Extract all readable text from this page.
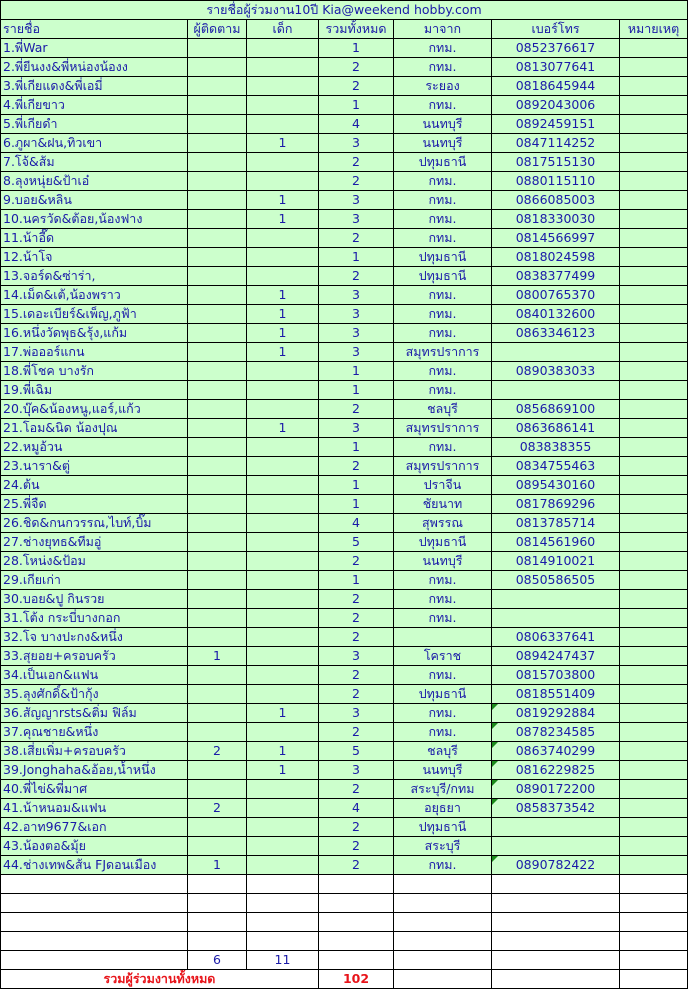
รายชื่อผู้ร่วมงาน10ปี Kia@weekend hobby.com						
รายชื่อ	ผู้ติดตาม	เด็ก	รวมทั้งหมด	มาจาก	เบอร์โทร	หมายเหตุ
1.พี่War			1	กทม.	0852376617	
2.พี่ยีนงง&พี่หน่องน้องง			2	กทม.	0813077641	
3.พี่เกียแดง&พี่เอมี่			2	ระยอง	0818645944	
4.พี่เกียขาว			1	กทม.	0892043006	
5.พี่เกียดำ			4	นนทบุรี	0892459151	
6.ภูผา&ฝน,ทิวเขา		1	3	นนทบุรี	0847114252	
7.โจ้&ส้ม			2	ปทุมธานี	0817515130	
8.ลุงหนุ่ย&ป้าเอ๋			2	กทม.	0880115110	
9.บอย&หลิน		1	3	กทม.	0866085003	
10.นครวัด&ต้อย,น้องฟาง		1	3	กทม.	0818330030	
11.น้าอี๊ด			2	กทม.	0814566997	
12.น้าโจ			1	ปทุมธานี	0818024598	
13.จอร์ด&ซ่าร่า,			2	ปทุมธานี	0838377499	
14.เม็ด&เต้,น้องพราว		1	3	กทม.	0800765370	
15.เดอะเบียร์&เพ็ญ,ภูฟ้า		1	3	กทม.	0840132600	
16.หนึ่งวัดพุธ&รุ้ง,แก้ม		1	3	กทม.	0863346123	
17.พ่อออร์แกน		1	3	สมุทรปราการ		
18.พี่โชค บางรัก			1	กทม.	0890383033	
19.พี่เฉิม			1	กทม.		
20.บุ๊ค&น้องหนู,แอร์,แก้ว			2	ชลบุรี	0856869100	
21.โอม&นิด น้องปุณ		1	3	สมุทรปราการ	0863686141	
22.หมูอ้วน			1	กทม.	083838355	
23.นารา&ตู่			2	สมุทรปราการ	0834755463	
24.ต้น			1	ปราจีน	0895430160	
25.พี่จืด			1	ชัยนาท	0817869296	
26.ชิด&กนกวรรณ,ไบท์,บิ๊ม			4	สุพรรณ	0813785714	
27.ช่างยุทธ&ทีมอู่			5	ปทุมธานี	0814561960	
28.โหน่ง&ป้อม			2	นนทบุรี	0814910021	
29.เกียเก่า			1	กทม.	0850586505	
30.บอย&ปู กินรวย			2	กทม.		
31.โต้ง กระบี่บางกอก			2	กทม.		
32.โจ บางปะกง&หนึ่ง			2		0806337641	
33.สุยอย+ครอบครัว	1		3	โคราช	0894247437	
34.เป็นเอก&แฟน			2	กทม.	0815703800	
35.ลุงศักดิ์&ป้ากุ้ง			2	ปทุมธานี	0818551409	
36.สัญญาrsts&ติ่ม ฟิล์ม		1	3	กทม.	0819292884	
37.คุณชาย&หนึ่ง			2	กทม.	0878234585	
38.เสี่ยเพิ่ม+ครอบครัว	2	1	5	ชลบุรี	0863740299	
39.Jonghaha&อ้อย,น้ำหนึ่ง		1	3	นนทบุรี	0816229825	
40.พี่ไข่&พี่มาศ			2	สระบุรี/กทม	0890172200	
41.น้าหนอม&แฟน	2		4	อยุธยา	0858373542	
42.อาท9677&เอก			2	ปทุมธานี		
43.น้องตอ&มุ้ย			2	สระบุรี		
44.ช่างเทพ&ส้น FJดอนเมือง	1		2	กทม.	0890782422	

	6	11				
รวมผู้ร่วมงานทั้งหมด			102			
